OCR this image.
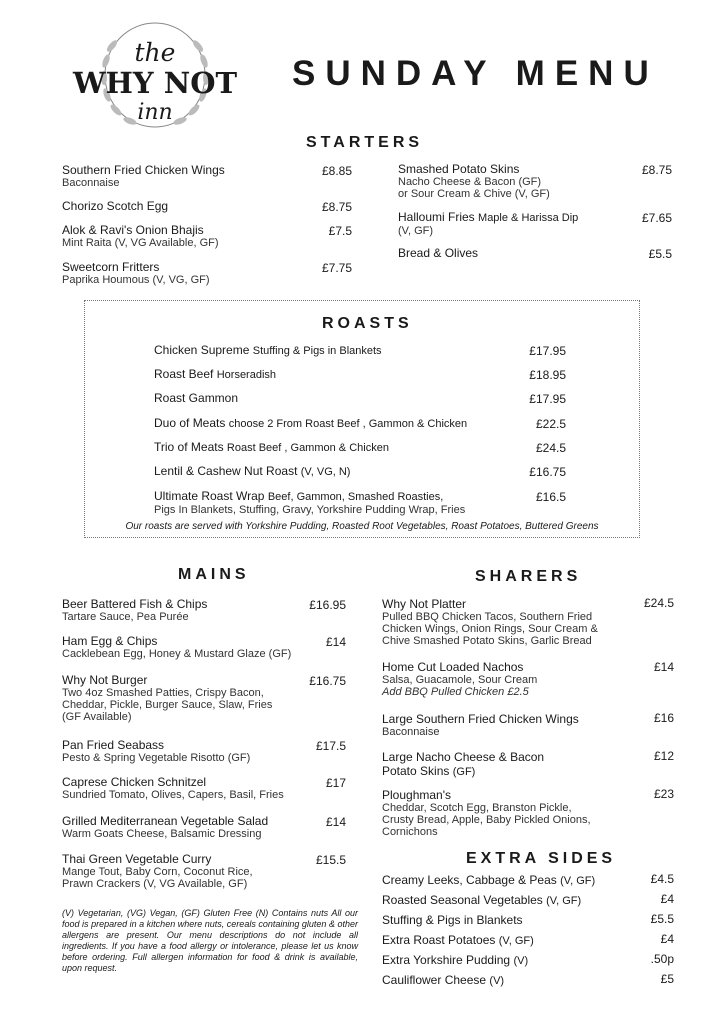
the
WHY NOT
inn
SUNDAY MENU
STARTERS
Southern Fried Chicken Wings
Baconnaise
£8.85
Chorizo Scotch Egg	£8.75
Alok & Ravi's Onion Bhajis
Mint Raita (V, VG Available, GF)
£7.5
Sweetcorn Fritters
Paprika Houmous (V, VG, GF)
£7.75
Smashed Potato Skins
Nacho Cheese & Bacon (GF)
or Sour Cream & Chive (V, GF)
£8.75
Halloumi Fries Maple & Harissa Dip
(V, GF)
£7.65
Bread & Olives	£5.5
ROASTS
Chicken Supreme Stuffing & Pigs in Blankets	£17.95
Roast Beef Horseradish	£18.95
Roast Gammon	£17.95
Duo of Meats choose 2 From Roast Beef , Gammon & Chicken	£22.5
Trio of Meats Roast Beef , Gammon & Chicken	£24.5
Lentil & Cashew Nut Roast (V, VG, N)	£16.75
Ultimate Roast Wrap Beef, Gammon, Smashed Roasties,
Pigs In Blankets, Stuffing, Gravy, Yorkshire Pudding Wrap, Fries
£16.5
Our roasts are served with Yorkshire Pudding, Roasted Root Vegetables, Roast Potatoes, Buttered Greens
MAINS
Beer Battered Fish & Chips
Tartare Sauce, Pea Purée
£16.95
Ham Egg & Chips
Cacklebean Egg, Honey & Mustard Glaze (GF)
£14
Why Not Burger
Two 4oz Smashed Patties, Crispy Bacon,
Cheddar, Pickle, Burger Sauce, Slaw, Fries
(GF Available)
£16.75
Pan Fried Seabass
Pesto & Spring Vegetable Risotto (GF)
£17.5
Caprese Chicken Schnitzel
Sundried Tomato, Olives, Capers, Basil, Fries
£17
Grilled Mediterranean Vegetable Salad
Warm Goats Cheese, Balsamic Dressing
£14
Thai Green Vegetable Curry
Mange Tout, Baby Corn, Coconut Rice,
Prawn Crackers (V, VG Available, GF)
£15.5
(V) Vegetarian, (VG) Vegan, (GF) Gluten Free (N) Contains nuts All our food is prepared in a kitchen where nuts, cereals containing gluten & other allergens are present. Our menu descriptions do not include all ingredients. If you have a food allergy or intolerance, please let us know before ordering. Full allergen information for food & drink is available, upon request.
SHARERS
Why Not Platter
Pulled BBQ Chicken Tacos, Southern Fried
Chicken Wings, Onion Rings, Sour Cream &
Chive Smashed Potato Skins, Garlic Bread
£24.5
Home Cut Loaded Nachos
Salsa, Guacamole, Sour Cream
Add BBQ Pulled Chicken £2.5
£14
Large Southern Fried Chicken Wings
Baconnaise
£16
Large Nacho Cheese & Bacon
Potato Skins (GF)
£12
Ploughman's
Cheddar, Scotch Egg, Branston Pickle,
Crusty Bread, Apple, Baby Pickled Onions,
Cornichons
£23
EXTRA SIDES
Creamy Leeks, Cabbage & Peas (V, GF)	£4.5
Roasted Seasonal Vegetables (V, GF)	£4
Stuffing & Pigs in Blankets	£5.5
Extra Roast Potatoes (V, GF)	£4
Extra Yorkshire Pudding (V)	.50p
Cauliflower Cheese (V)	£5
